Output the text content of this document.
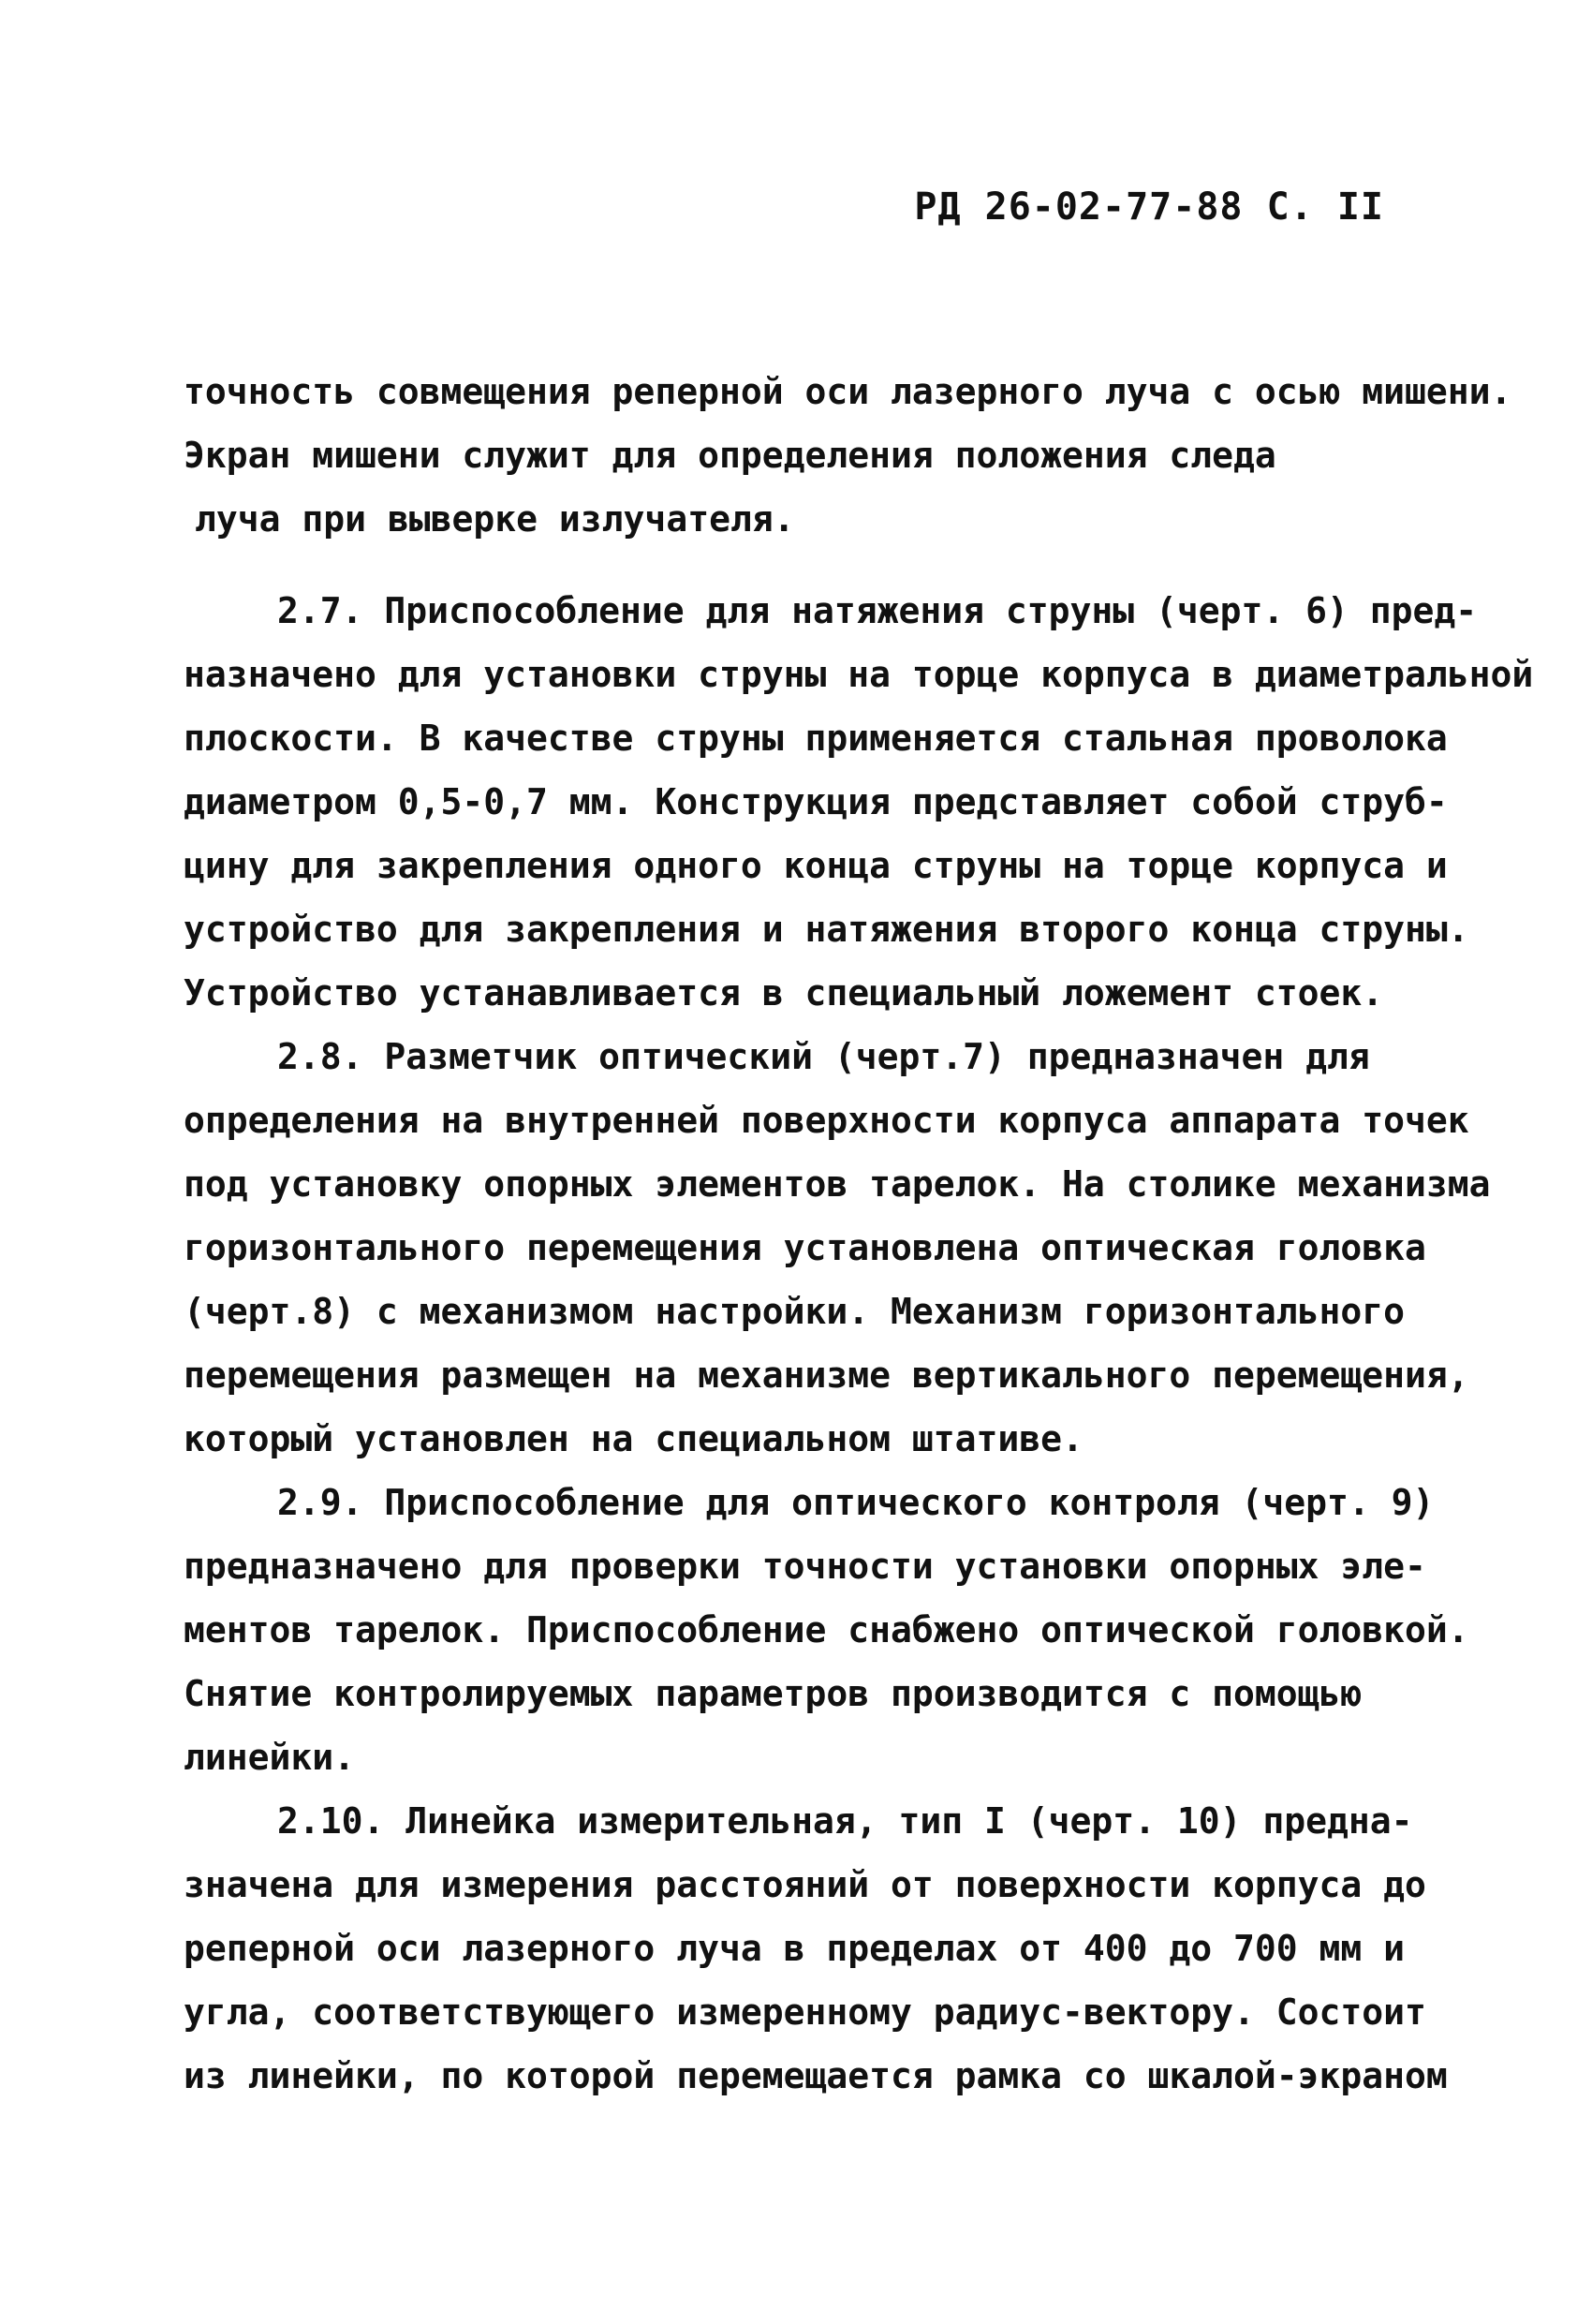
РД 26-02-77-88 С. II
точность совмещения реперной оси лазерного луча с осью мишени.
Экран мишени служит для определения положения следа
луча при выверке излучателя.
2.7. Приспособление для натяжения струны (черт. 6) пред-
назначено для установки струны на торце корпуса в диаметральной
плоскости. В качестве струны применяется стальная проволока
диаметром 0,5-0,7 мм. Конструкция представляет собой струб-
цину для закрепления одного конца струны на торце корпуса и
устройство для закрепления и натяжения второго конца струны.
Устройство устанавливается в специальный ложемент стоек.
2.8. Разметчик оптический (черт.7) предназначен для
определения на внутренней поверхности корпуса аппарата точек
под установку опорных элементов тарелок. На столике механизма
горизонтального перемещения установлена оптическая головка
(черт.8) с механизмом настройки. Механизм горизонтального
перемещения размещен на механизме вертикального перемещения,
который установлен на специальном штативе.
2.9. Приспособление для оптического контроля (черт. 9)
предназначено для проверки точности установки опорных эле-
ментов тарелок. Приспособление снабжено оптической головкой.
Снятие контролируемых параметров производится с помощью
линейки.
2.10. Линейка измерительная, тип I (черт. 10) предна-
значена для измерения расстояний от поверхности корпуса до
реперной оси лазерного луча в пределах от 400 до 700 мм и
угла, соответствующего измеренному радиус-вектору. Состоит
из линейки, по которой перемещается рамка со шкалой-экраном
